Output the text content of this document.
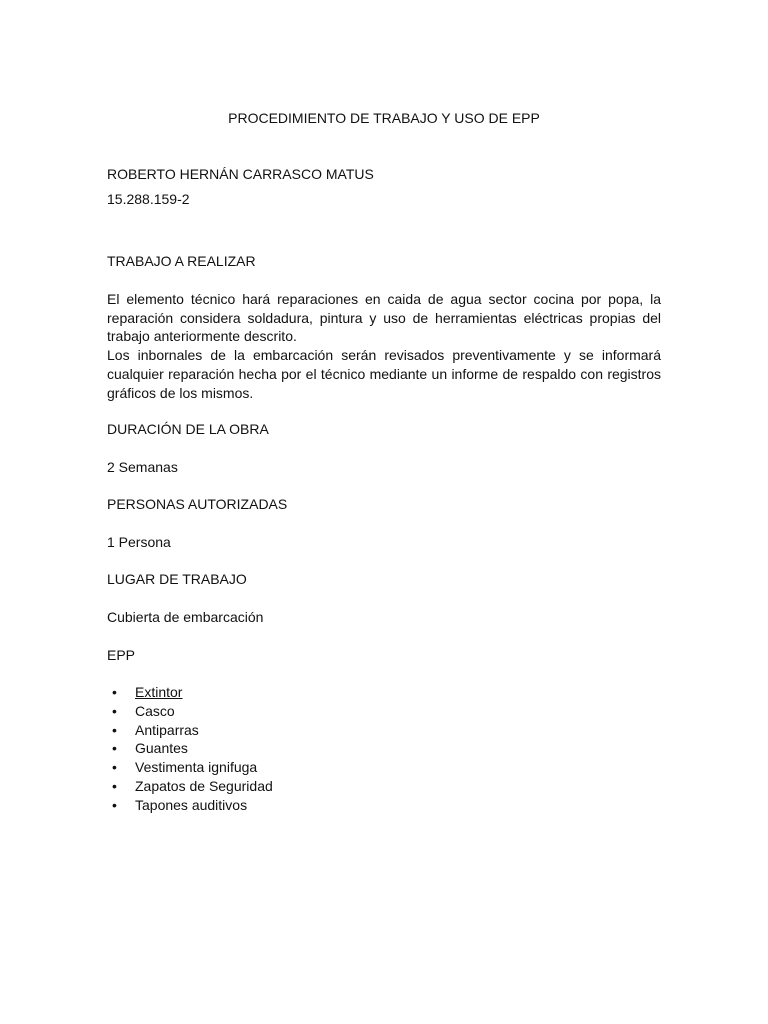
PROCEDIMIENTO DE TRABAJO Y USO DE EPP
ROBERTO HERNÁN CARRASCO MATUS
15.288.159-2
TRABAJO A REALIZAR
El elemento técnico hará reparaciones en caida de agua sector cocina por popa, la reparación considera soldadura, pintura y uso de herramientas eléctricas propias del trabajo anteriormente descrito.
Los inbornales de la embarcación serán revisados preventivamente y se informará cualquier reparación hecha por el técnico mediante un informe de respaldo con registros gráficos de los mismos.
DURACIÓN DE LA OBRA
2 Semanas
PERSONAS AUTORIZADAS
1 Persona
LUGAR DE TRABAJO
Cubierta de embarcación
EPP
• Extintor
• Casco
• Antiparras
• Guantes
• Vestimenta ignifuga
• Zapatos de Seguridad
• Tapones auditivos
